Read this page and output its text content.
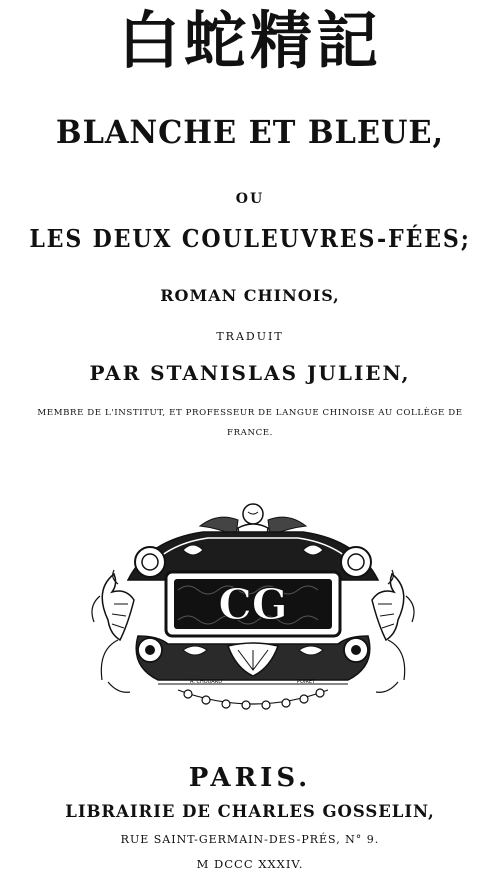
白蛇精記
BLANCHE ET BLEUE,
OU
LES DEUX COULEUVRES-FÉES;
ROMAN CHINOIS,
TRADUIT
PAR STANISLAS JULIEN,
MEMBRE DE L'INSTITUT, ET PROFESSEUR DE LANGUE CHINOISE AU COLLÈGE DE FRANCE.
CG
A. CHOUARD	POIRET
PARIS.
LIBRAIRIE DE CHARLES GOSSELIN,
RUE SAINT-GERMAIN-DES-PRÉS, N° 9.
M DCCC XXXIV.
